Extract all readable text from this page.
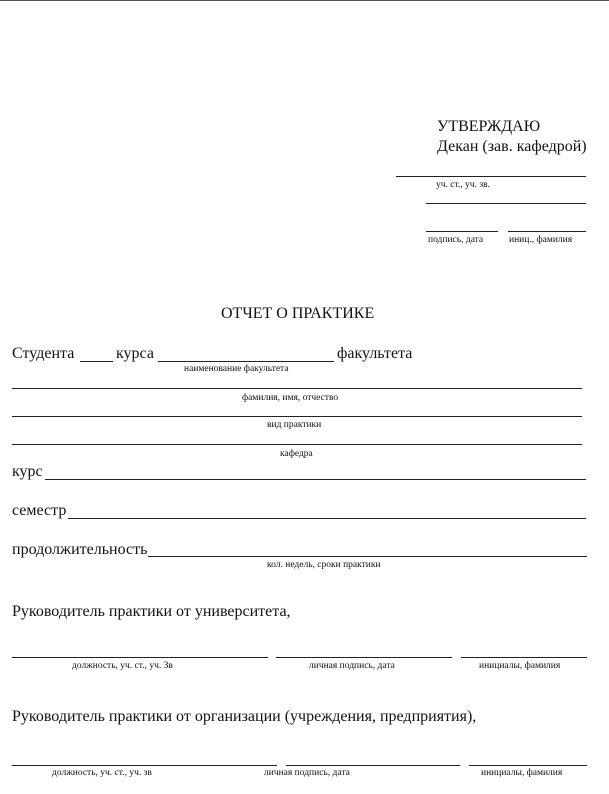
УТВЕРЖДАЮ
Декан (зав. кафедрой)
уч. ст., уч. зв.
подпись, дата	иниц., фамилия
ОТЧЕТ О ПРАКТИКЕ
Студента	курса	факультета
наименование факультета
фамилия, имя, отчество
вид практики
кафедра
курс
семестр
продолжительность
кол. недель, сроки практики
Руководитель практики от университета,
должность, уч. ст., уч. Зв	личная подпись, дата	инициалы, фамилия
Руководитель практики от организации (учреждения, предприятия),
должность, уч. ст., уч. зв	личная подпись, дата	инициалы, фамилия
